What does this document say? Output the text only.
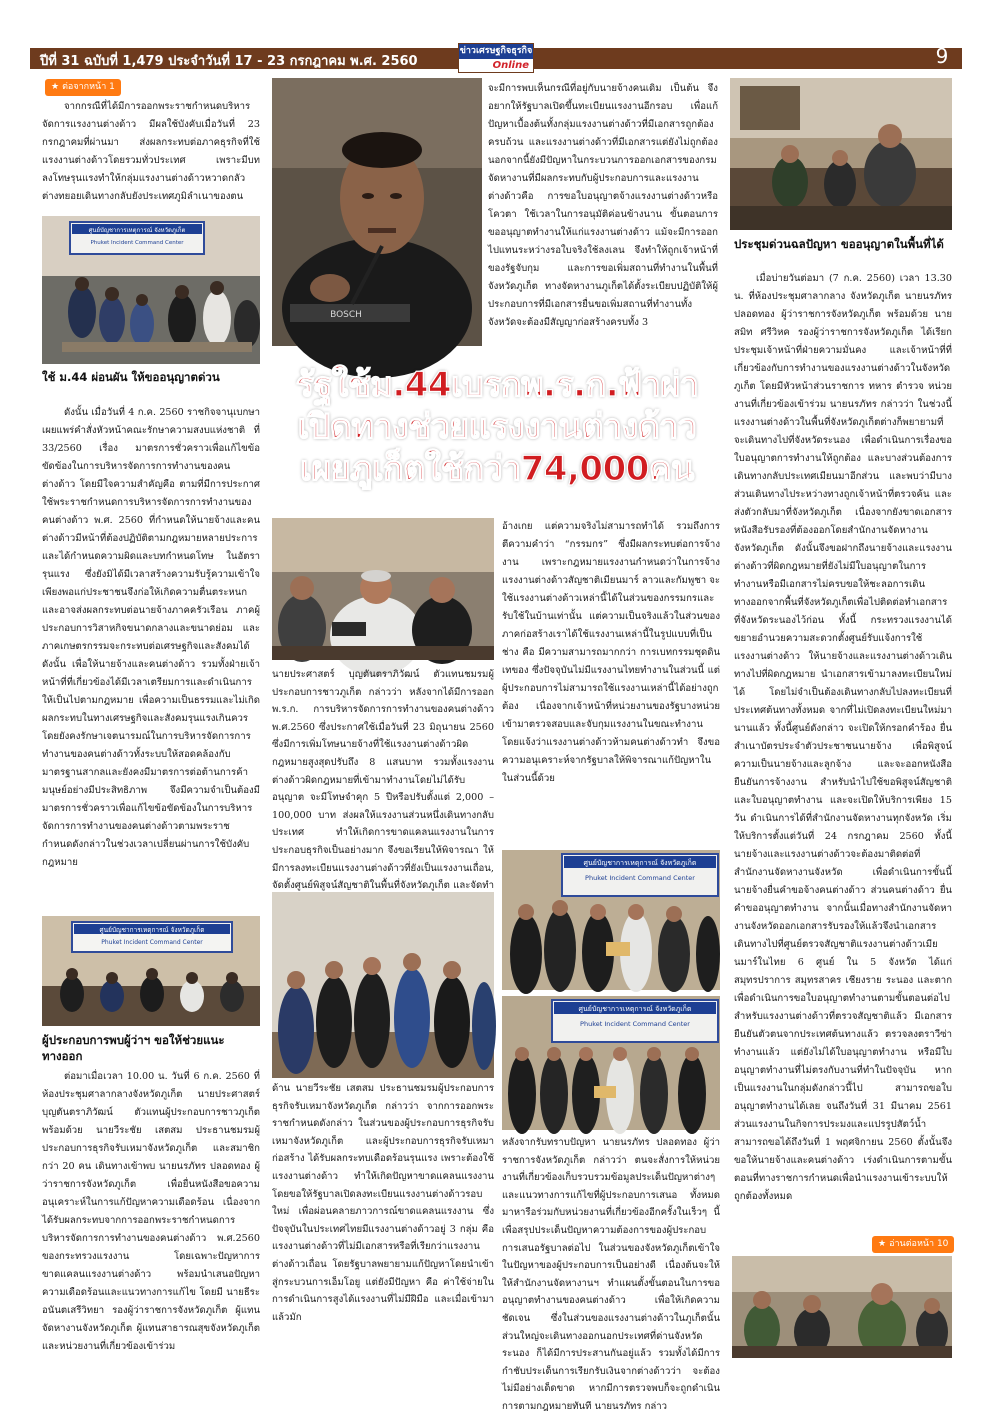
ปีที่ 31 ฉบับที่ 1,479 ประจำวันที่ 17 - 23 กรกฎาคม พ.ศ. 2560
ข่าวเศรษฐกิจธุรกิจ
Online	9
★ ต่อจากหน้า 1
จากกรณีที่ได้มีการออกพระราชกำหนดบริหารจัดการแรงงานต่างด้าว มีผลใช้บังคับเมื่อวันที่ 23 กรกฎาคมที่ผ่านมา ส่งผลกระทบต่อภาคธุรกิจที่ใช้แรงงานต่างด้าวโดยรวมทั่วประเทศ เพราะมีบทลงโทษรุนแรงทำให้กลุ่มแรงงานต่างด้าวหวาดกลัวต่างทยอยเดินทางกลับยังประเทศภูมิลำเนาของตน
ศูนย์บัญชาการเหตุการณ์ จังหวัดภูเก็ต
Phuket Incident Command Center
ใช้ ม.44 ผ่อนผัน ให้ขออนุญาตด่วน
ดังนั้น เมื่อวันที่ 4 ก.ค. 2560 ราชกิจจานุเบกษาเผยแพร่คำสั่งหัวหน้าคณะรักษาความสงบแห่งชาติ ที่ 33/2560 เรื่อง มาตรการชั่วคราวเพื่อแก้ไขข้อขัดข้องในการบริหารจัดการการทำงานของคนต่างด้าว โดยมีใจความสำคัญคือ ตามที่มีการประกาศใช้พระราชกำหนดการบริหารจัดการการทำงานของคนต่างด้าว พ.ศ. 2560 ที่กำหนดให้นายจ้างและคนต่างด้าวมีหน้าที่ต้องปฏิบัติตามกฎหมายหลายประการ และได้กำหนดความผิดและบทกำหนดโทษ ในอัตรารุนแรง ซึ่งยังมิได้มีเวลาสร้างความรับรู้ความเข้าใจเพียงพอแก่ประชาชนจึงก่อให้เกิดความตื่นตระหนกและอาจส่งผลกระทบต่อนายจ้างภาคครัวเรือน ภาคผู้ประกอบการวิสาหกิจขนาดกลางและขนาดย่อม และภาคเกษตรกรรมจะกระทบต่อเศรษฐกิจและสังคมได้ ดังนั้น เพื่อให้นายจ้างและคนต่างด้าว รวมทั้งฝ่ายเจ้าหน้าที่ที่เกี่ยวข้องได้มีเวลาเตรียมการและดำเนินการให้เป็นไปตามกฎหมาย เพื่อความเป็นธรรมและไม่เกิดผลกระทบในทางเศรษฐกิจและสังคมรุนแรงเกินควร โดยยังคงรักษาเจตนารมณ์ในการบริหารจัดการการทำงานของคนต่างด้าวทั้งระบบให้สอดคล้องกับมาตรฐานสากลและยังคงมีมาตรการต่อต้านการค้ามนุษย์อย่างมีประสิทธิภาพ จึงมีความจำเป็นต้องมีมาตรการชั่วคราวเพื่อแก้ไขข้อขัดข้องในการบริหารจัดการการทำงานของคนต่างด้าวตามพระราชกำหนดดังกล่าวในช่วงเวลาเปลี่ยนผ่านการใช้บังคับกฎหมาย
ศูนย์บัญชาการเหตุการณ์ จังหวัดภูเก็ต
Phuket Incident Command Center
ผู้ประกอบการพบผู้ว่าฯ ขอให้ช่วยแนะทางออก
ต่อมาเมื่อเวลา 10.00 น. วันที่ 6 ก.ค. 2560 ที่ห้องประชุมศาลากลางจังหวัดภูเก็ต นายประศาสตร์ บุญตันตราภิวัฒน์ ตัวแทนผู้ประกอบการชาวภูเก็ต พร้อมด้วย นายวีระชัย เสตสม ประธานชมรมผู้ประกอบการธุรกิจรับเหมาจังหวัดภูเก็ต และสมาชิกกว่า 20 คน เดินทางเข้าพบ นายนรภัทร ปลอดทอง ผู้ว่าราชการจังหวัดภูเก็ต เพื่อยื่นหนังสือขอความอนุเคราะห์ในการแก้ปัญหาความเดือดร้อน เนื่องจากได้รับผลกระทบจากการออกพระราชกำหนดการบริหารจัดการการทำงานของคนต่างด้าว พ.ศ.2560 ของกระทรวงแรงงาน โดยเฉพาะปัญหาการขาดแคลนแรงงานต่างด้าว พร้อมนำเสนอปัญหาความเดือดร้อนและแนวทางการแก้ไข โดยมี นายธีระ อนันตเสรีวิทยา รองผู้ว่าราชการจังหวัดภูเก็ต ผู้แทนจัดหางานจังหวัดภูเก็ต ผู้แทนสาธารณสุขจังหวัดภูเก็ต และหน่วยงานที่เกี่ยวข้องเข้าร่วม
BOSCH
จะมีการพบเห็นกรณีที่อยู่กับนายจ้างคนเดิม เป็นต้น จึงอยากให้รัฐบาลเปิดขึ้นทะเบียนแรงงานอีกรอบ เพื่อแก้ปัญหาเบื้องต้นทั้งกลุ่มแรงงานต่างด้าวที่มีเอกสารถูกต้องครบถ้วน และแรงงานต่างด้าวที่มีเอกสารแต่ยังไม่ถูกต้อง นอกจากนี้ยังมีปัญหาในกระบวนการออกเอกสารของกรมจัดหางานที่มีผลกระทบกับผู้ประกอบการและแรงงานต่างด้าวคือ การขอใบอนุญาตจ้างแรงงานต่างด้าวหรือโควตา ใช้เวลาในการอนุมัติค่อนข้างนาน ขั้นตอนการขออนุญาตทำงานให้แก่แรงงานต่างด้าว แม้จะมีการออกไปแทนระหว่างรอใบจริงใช้ลงเลน จึงทำให้ถูกเจ้าหน้าที่ของรัฐจับกุม และการขอเพิ่มสถานที่ทำงานในพื้นที่จังหวัดภูเก็ต ทางจัดหางานภูเก็ตได้ตั้งระเบียบปฏิบัติให้ผู้ประกอบการที่มีเอกสารยื่นขอเพิ่มสถานที่ทำงานทั้งจังหวัดจะต้องมีสัญญาก่อสร้างครบทั้ง 3
รัฐใช้ม.44เบรกพ.ร.ก.ฟ้าผ่า
เปิดทางช่วยแรงงานต่างด้าว
เผยภูเก็ตใช้กว่า74,000คน
นายประศาสตร์ บุญตันตราภิวัฒน์ ตัวแทนชมรมผู้ประกอบการชาวภูเก็ต กล่าวว่า หลังจากได้มีการออก พ.ร.ก. การบริหารจัดการการทำงานของคนต่างด้าว พ.ศ.2560 ซึ่งประกาศใช้เมื่อวันที่ 23 มิถุนายน 2560 ซึ่งมีการเพิ่มโทษนายจ้างที่ใช้แรงงานต่างด้าวผิดกฎหมายสูงสุดปรับถึง 8 แสนบาท รวมทั้งแรงงานต่างด้าวผิดกฎหมายที่เข้ามาทำงานโดยไม่ได้รับอนุญาต จะมีโทษจำคุก 5 ปีหรือปรับตั้งแต่ 2,000 – 100,000 บาท ส่งผลให้แรงงานส่วนหนึ่งเดินทางกลับประเทศ ทำให้เกิดการขาดแคลนแรงงานในการประกอบธุรกิจเป็นอย่างมาก จึงขอเรียนให้พิจารณา ให้มีการลงทะเบียนแรงงานต่างด้าวที่ยังเป็นแรงงานเถื่อน, จัดตั้งศูนย์พิสูจน์สัญชาติในพื้นที่จังหวัดภูเก็ต และจัดทำ
ด้าน นายวีระชัย เสตสม ประธานชมรมผู้ประกอบการธุรกิจรับเหมาจังหวัดภูเก็ต กล่าวว่า จากการออกพระราชกำหนดดังกล่าว ในส่วนของผู้ประกอบการธุรกิจรับเหมาจังหวัดภูเก็ต และผู้ประกอบการธุรกิจรับเหมาก่อสร้าง ได้รับผลกระทบเดือดร้อนรุนแรง เพราะต้องใช้แรงงานต่างด้าว ทำให้เกิดปัญหาขาดแคลนแรงงาน โดยขอให้รัฐบาลเปิดลงทะเบียนแรงงานต่างด้าวรอบใหม่ เพื่อผ่อนคลายภาวการณ์ขาดแคลนแรงงาน ซึ่งปัจจุบันในประเทศไทยมีแรงงานต่างด้าวอยู่ 3 กลุ่ม คือ แรงงานต่างด้าวที่ไม่มีเอกสารหรือที่เรียกว่าแรงงานต่างด้าวเถื่อน โดยรัฐบาลพยายามแก้ปัญหาโดยนำเข้าสู่กระบวนการเอ็มโอยู แต่ยังมีปัญหา คือ ค่าใช้จ่ายในการดำเนินการสูงได้แรงงานที่ไม่มีฝีมือ และเมื่อเข้ามาแล้วมัก
อ้างเกย แต่ความจริงไม่สามารถทำได้ รวมถึงการตีความคำว่า “กรรมกร” ซึ่งมีผลกระทบต่อการจ้างงาน เพราะกฎหมายแรงงานกำหนดว่าในการจ้างแรงงานต่างด้าวสัญชาติเมียนมาร์ ลาวและกัมพูชา จะใช้แรงงานต่างด้าวเหล่านี้ได้ในส่วนของกรรมกรและรับใช้ในบ้านเท่านั้น แต่ความเป็นจริงแล้วในส่วนของภาคก่อสร้างเราได้ใช้แรงงานเหล่านี้ในรูปแบบที่เป็นช่าง คือ มีความสามารถมากกว่า การเบทกรรมชุดดินเทของ ซึ่งปัจจุบันไม่มีแรงงานไทยทำงานในส่วนนี้ แต่ผู้ประกอบการไม่สามารถใช้แรงงานเหล่านี้ได้อย่างถูกต้อง เนื่องจากเจ้าหน้าที่หน่วยงานของรัฐบางหน่วยเข้ามาตรวจสอบและจับกุมแรงงานในขณะทำงาน โดยแจ้งว่าแรงงานต่างด้าวห้ามคนต่างด้าวทำ จึงขอความอนุเคราะห์จากรัฐบาลให้พิจารณาแก้ปัญหาในในส่วนนี้ด้วย
ศูนย์บัญชาการเหตุการณ์ จังหวัดภูเก็ต
Phuket Incident Command Center
ศูนย์บัญชาการเหตุการณ์ จังหวัดภูเก็ต
Phuket Incident Command Center
หลังจากรับทราบปัญหา นายนรภัทร ปลอดทอง ผู้ว่าราชการจังหวัดภูเก็ต กล่าวว่า ตนจะสั่งการให้หน่วยงานที่เกี่ยวข้องเก็บรวบรวมข้อมูลประเด็นปัญหาต่างๆ และแนวทางการแก้ไขที่ผู้ประกอบการเสนอ ทั้งหมด มาหารือร่วมกับหน่วยงานที่เกี่ยวข้องอีกครั้งในเร็วๆ นี้ เพื่อสรุปประเด็นปัญหาความต้องการของผู้ประกอบการเสนอรัฐบาลต่อไป ในส่วนของจังหวัดภูเก็ตเข้าใจในปัญหาของผู้ประกอบการเป็นอย่างดี เนื่องต้นจะให้ให้สำนักงานจัดหางานฯ ทำแผนตั้งขั้นตอนในการขออนุญาตทำงานของคนต่างด้าว เพื่อให้เกิดความชัดเจน ซึ่งในส่วนของแรงงานต่างด้าวในภูเก็ตนั้นส่วนใหญ่จะเดินทางออกนอกประเทศที่ด่านจังหวัดระนอง ก็ได้มีการประสานกันอยู่แล้ว รวมทั้งได้มีการกำชับประเด็นการเรียกรับเงินจากต่างด้าวว่า จะต้องไม่มีอย่างเด็ดขาด หากมีการตรวจพบก็จะถูกดำเนินการตามกฎหมายทันที นายนรภัทร กล่าว
ประชุมด่วนฉลปัญหา ขออนุญาตในพื้นที่ได้
เมื่อบ่ายวันต่อมา (7 ก.ค. 2560) เวลา 13.30 น. ที่ห้องประชุมศาลากลาง จังหวัดภูเก็ต นายนรภัทร ปลอดทอง ผู้ว่าราชการจังหวัดภูเก็ต พร้อมด้วย นายสมิท ศรีวิหค รองผู้ว่าราชการจังหวัดภูเก็ต ได้เรียกประชุมเจ้าหน้าที่ฝ่ายความมั่นคง และเจ้าหน้าที่ที่เกี่ยวข้องกับการทำงานของแรงงานต่างด้าวในจังหวัดภูเก็ต โดยมีหัวหน้าส่วนราชการ ทหาร ตำรวจ หน่วยงานที่เกี่ยวข้องเข้าร่วม นายนรภัทร กล่าวว่า ในช่วงนี้แรงงานต่างด้าวในพื้นที่จังหวัดภูเก็ตต่างก็พยายามที่จะเดินทางไปที่จังหวัดระนอง เพื่อดำเนินการเรื่องขอใบอนุญาตการทำงานให้ถูกต้อง และบางส่วนต้องการเดินทางกลับประเทศเมียนมาอีกส่วน และพบว่ามีบางส่วนเดินทางไประหว่างทางถูกเจ้าหน้าที่ตรวจค้น และส่งตัวกลับมาที่จังหวัดภูเก็ต เนื่องจากยังขาดเอกสารหนังสือรับรองที่ต้องออกโดยสำนักงานจัดหางานจังหวัดภูเก็ต ดังนั้นจึงขอฝากถึงนายจ้างและแรงงานต่างด้าวที่ผิดกฎหมายที่ยังไม่มีใบอนุญาตในการทำงานหรือมีเอกสารไม่ครบขอให้ชะลอการเดินทางออกจากพื้นที่จังหวัดภูเก็ตเพื่อไปติดต่อทำเอกสารที่จังหวัดระนองไว้ก่อน ทั้งนี้ กระทรวงแรงงานได้ขยายอำนวยความสะดวกตั้งศูนย์รับแจ้งการใช้แรงงานต่างด้าว ให้นายจ้างและแรงงานต่างด้าวเดินทางไปที่ผิดกฎหมาย นำเอกสารเข้ามาลงทะเบียนใหม่ได้ โดยไม่จำเป็นต้องเดินทางกลับไปลงทะเบียนที่ประเทศต้นทางทั้งหมด จากที่ไม่เปิดลงทะเบียนใหม่มานานแล้ว ทั้งนี้ศูนย์ดังกล่าว จะเปิดให้กรอกคำร้อง ยื่นสำเนาบัตรประจำตัวประชาชนนายจ้าง เพื่อพิสูจน์ความเป็นนายจ้างและลูกจ้าง และจะออกหนังสือยืนยันการจ้างงาน สำหรับนำไปใช้ขอพิสูจน์สัญชาติ และใบอนุญาตทำงาน และจะเปิดให้บริการเพียง 15 วัน ดำเนินการได้ที่สำนักงานจัดหางานทุกจังหวัด เริ่มให้บริการตั้งแต่วันที่ 24 กรกฎาคม 2560 ทั้งนี้นายจ้างและแรงงานต่างด้าวจะต้องมาติดต่อที่สำนักงานจัดหางานจังหวัด เพื่อดำเนินการขั้นนี้ นายจ้างยื่นคำขอจ้างคนต่างด้าว ส่วนคนต่างด้าว ยื่นคำขออนุญาตทำงาน จากนั้นเมื่อทางสำนักงานจัดหางานจังหวัดออกเอกสารรับรองให้แล้วจึงนำเอกสารเดินทางไปที่ศูนย์ตรวจสัญชาติแรงงานต่างด้าวเมียนมาร์ในไทย 6 ศูนย์ ใน 5 จังหวัด ได้แก่ สมุทรปราการ สมุทรสาคร เชียงราย ระนอง และตาก เพื่อดำเนินการขอใบอนุญาตทำงานตามขั้นตอนต่อไป สำหรับแรงงานต่างด้าวที่ตรวจสัญชาติแล้ว มีเอกสารยืนยันตัวตนจากประเทศต้นทางแล้ว ตรวจลงตราวีซ่าทำงานแล้ว แต่ยังไม่ได้ใบอนุญาตทำงาน หรือมีใบอนุญาตทำงานที่ไม่ตรงกับงานที่ทำในปัจจุบัน หากเป็นแรงงานในกลุ่มดังกล่าวนี้ไป สามารถขอใบอนุญาตทำงานได้เลย จนถึงวันที่ 31 มีนาคม 2561 ส่วนแรงงานในกิจการประมงและแปรรูปสัตว์น้ำสามารถขอได้ถึงวันที่ 1 พฤศจิกายน 2560 ตั้งนั้นจึงขอให้นายจ้างและคนต่างด้าว เร่งดำเนินการตามขั้นตอนที่ทางราชการกำหนดเพื่อนำแรงงานเข้าระบบให้ถูกต้องทั้งหมด
★ อ่านต่อหน้า 10
